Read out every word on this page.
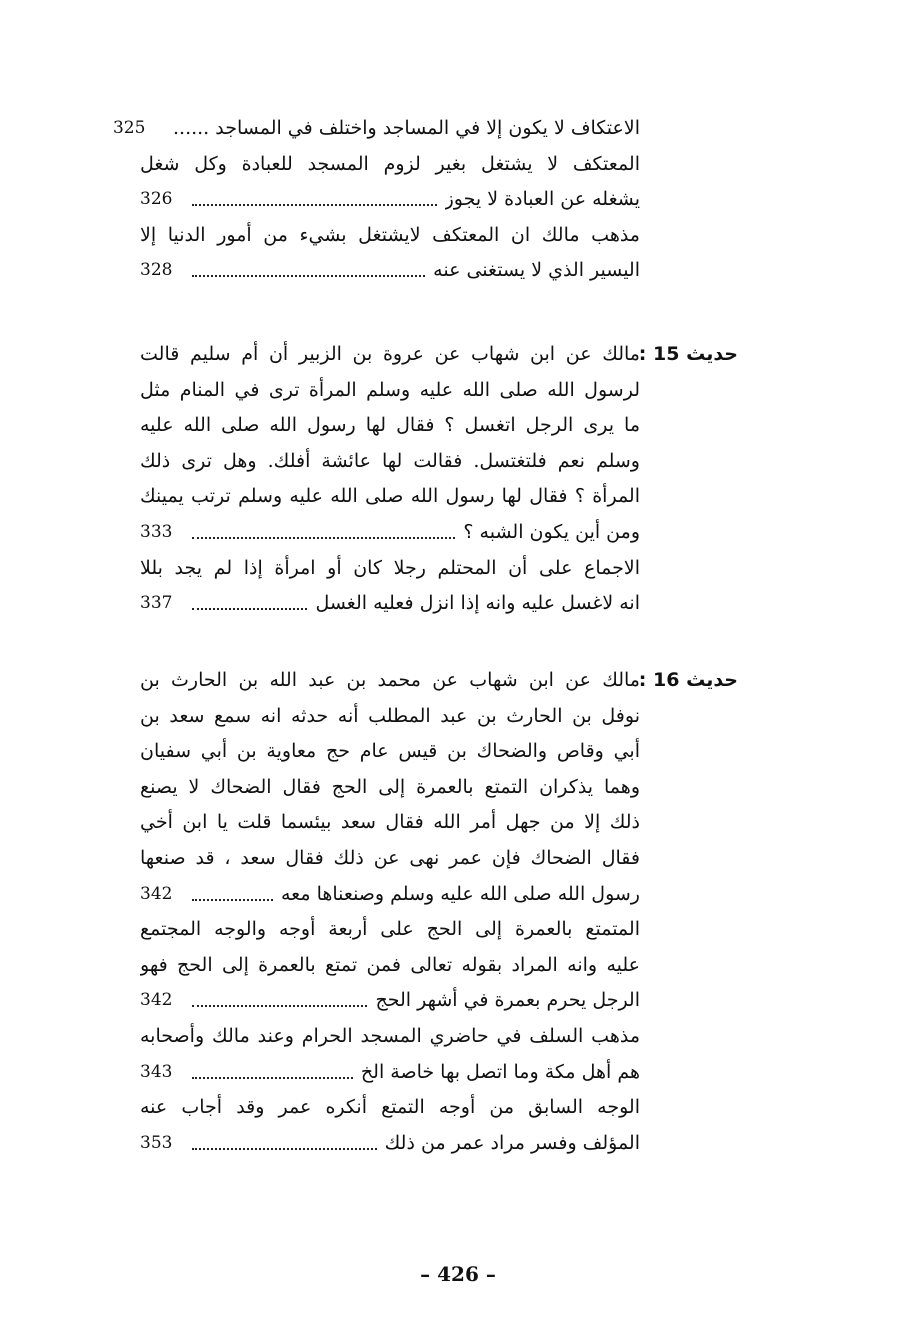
الاعتكاف لا يكون إلا في المساجد واختلف في المساجد ......
325
المعتكف لا يشتغل بغير لزوم المسجد للعبادة وكل شغل
يشغله عن العبادة لا يجوز
326
مذهب مالك ان المعتكف لايشتغل بشيء من أمور الدنيا إلا
اليسير الذي لا يستغنى عنه
328
حديث 15 :
مالك عن ابن شهاب عن عروة بن الزبير أن أم سليم قالت
لرسول الله صلى الله عليه وسلم المرأة ترى في المنام مثل
ما يرى الرجل اتغسل ؟ فقال لها رسول الله صلى الله عليه
وسلم نعم فلتغتسل. فقالت لها عائشة أفلك. وهل ترى ذلك
المرأة ؟ فقال لها رسول الله صلى الله عليه وسلم ترتب يمينك
ومن أين يكون الشبه ؟
333
الاجماع على أن المحتلم رجلا كان أو امرأة إذا لم يجد بللا
انه لاغسل عليه وانه إذا انزل فعليه الغسل
337
حديث 16 :
مالك عن ابن شهاب عن محمد بن عبد الله بن الحارث بن
نوفل بن الحارث بن عبد المطلب أنه حدثه انه سمع سعد بن
أبي وقاص والضحاك بن قيس عام حج معاوية بن أبي سفيان
وهما يذكران التمتع بالعمرة إلى الحج فقال الضحاك لا يصنع
ذلك إلا من جهل أمر الله فقال سعد بيئسما قلت يا ابن أخي
فقال الضحاك فإن عمر نهى عن ذلك فقال سعد ، قد صنعها
رسول الله صلى الله عليه وسلم وصنعناها معه
342
المتمتع بالعمرة إلى الحج على أربعة أوجه والوجه المجتمع
عليه وانه المراد بقوله تعالى فمن تمتع بالعمرة إلى الحج فهو
الرجل يحرم بعمرة في أشهر الحج
342
مذهب السلف في حاضري المسجد الحرام وعند مالك وأصحابه
هم أهل مكة وما اتصل بها خاصة الخ
343
الوجه السابق من أوجه التمتع أنكره عمر وقد أجاب عنه
المؤلف وفسر مراد عمر من ذلك
353
– 426 –
